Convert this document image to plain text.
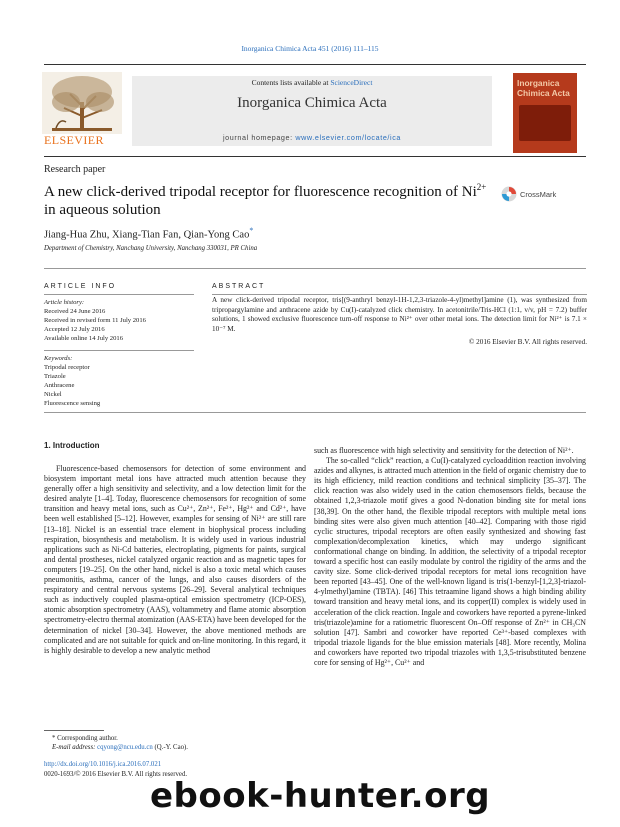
Inorganica Chimica Acta 451 (2016) 111–115
ELSEVIER
Contents lists available at ScienceDirect
Inorganica Chimica Acta
journal homepage: www.elsevier.com/locate/ica
Inorganica Chimica Acta
Research paper
A new click-derived tripodal receptor for fluorescence recognition of $Ni^{2+}$
in aqueous solution
CrossMark
Jiang-Hua Zhu, Xiang-Tian Fan, Qian-Yong Cao*
Department of Chemistry, Nanchang University, Nanchang 330031, PR China
ARTICLE INFO
Article history:
Received 24 June 2016
Received in revised form 11 July 2016
Accepted 12 July 2016
Available online 14 July 2016
Keywords:
Tripodal receptor
Triazole
Anthracene
Nickel
Fluorescence sensing
ABSTRACT
A new click-derived tripodal receptor, tris[(9-anthryl benzyl-1H-1,2,3-triazole-4-yl)methyl]amine (1), was synthesized from tripropargylamine and anthracene azide by Cu(I)-catalyzed click chemistry. In acetonitrile/Tris-HCl (1:1, v/v, pH = 7.2) buffer solutions, 1 showed exclusive fluorescence turn-off response to Ni²⁺ over other metal ions. The detection limit for Ni²⁺ is 7.1 × 10⁻⁷ M.
© 2016 Elsevier B.V. All rights reserved.
1. Introduction

Fluorescence-based chemosensors for detection of some environment and biosystem important metal ions have attracted much attention because they generally offer a high sensitivity and selectivity, and a low detection limit for the desired analyte [1–4]. Today, fluorescence chemosensors for recognition of some transition and heavy metal ions, such as Cu²⁺, Zn²⁺, Fe²⁺, Hg²⁺ and Cd²⁺, have been well established [5–12]. However, examples for sensing of Ni²⁺ are still rare [13–18]. Nickel is an essential trace element in biophysical process including respiration, biosynthesis and metabolism. It is widely used in various industrial applications such as Ni-Cd batteries, electroplating, pigments for paints, surgical and dental prostheses, nickel catalyzed organic reaction and as magnetic tapes for computers [19–25]. On the other hand, nickel is also a toxic metal which causes pneumonitis, asthma, cancer of the lungs, and also causes disorders of the respiratory and central nervous systems [26–29]. Several analytical techniques such as inductively coupled plasma-optical emission spectrometry (ICP-OES), atomic absorption spectrometry (AAS), voltammetry and flame atomic absorption spectrometry-electro thermal atomization (AAS-ETA) have been developed for the determination of nickel [30–34]. However, the above mentioned methods are complicated and are not suitable for quick and on-line monitoring. In this regard, it is highly desirable to develop a new analytic method

such as fluorescence with high selectivity and sensitivity for the detection of Ni²⁺.

The so-called “click” reaction, a Cu(I)-catalyzed cycloaddition reaction involving azides and alkynes, is attracted much attention in the field of organic chemistry due to its high efficiency, mild reaction conditions and technical simplicity [35–37]. The click reaction was also widely used in the cation chemosensors fields, because the obtained 1,2,3-triazole motif gives a good N-donation binding site for metal ions [38,39]. On the other hand, the flexible tripodal receptors with multiple metal ions binding sites were also given much attention [40–42]. Comparing with those rigid cyclic structures, tripodal receptors are often easily synthesized and showing fast complexation/decomplexation kinetics, which may undergo significant conformational change on binding. In addition, the selectivity of a tripodal receptor toward a specific host can easily modulate by control the rigidity of the arms and the cavity size. Some click-derived tripodal receptors for metal ions recognition have been reported [43–45]. One of the well-known ligand is tris(1-benzyl-[1,2,3]-triazol-4-ylmethyl)amine (TBTA). [46] This tetraamine ligand shows a high binding ability toward transition and heavy metal ions, and its copper(II) complex is widely used in acceleration of the click reaction. Ingale and coworkers have reported a pyrene-linked tris(triazole)amine for a ratiometric fluorescent On–Off response of Zn²⁺ in CH₃CN solution [47]. Sambri and coworker have reported Ce³⁺-based complexes with tripodal triazole ligands for the blue emission materials [48]. More recently, Molina and coworkers have reported two tripodal triazoles with 1,3,5-trisubstituted benzene core for sensing of Hg²⁺, Cu²⁺ and

* Corresponding author.
E-mail address: cqyong@ncu.edu.cn (Q.-Y. Cao).
http://dx.doi.org/10.1016/j.ica.2016.07.021
0020-1693/© 2016 Elsevier B.V. All rights reserved.
ebook-hunter.org
